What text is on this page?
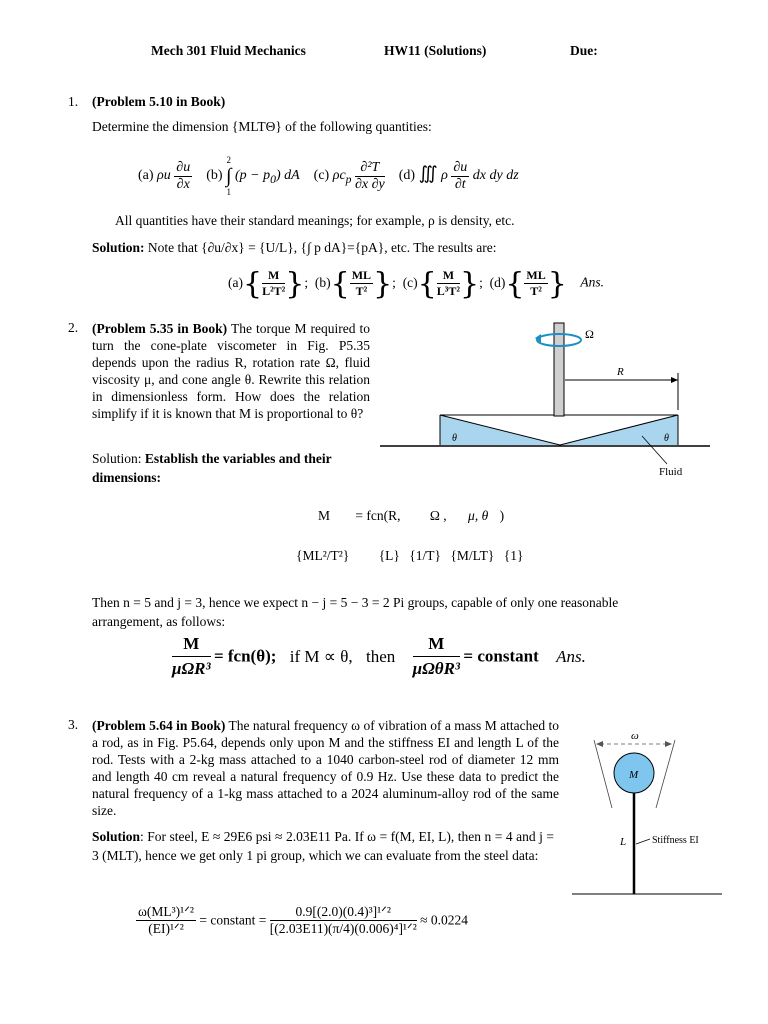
Mech 301 Fluid Mechanics	HW11 (Solutions)	Due:
1. (Problem 5.10 in Book)
Determine the dimension {MLTΘ} of the following quantities:
(a) ρu $\frac{\partial u}{\partial x} (b)$
2
∫
1
$(p - p_0)$ dA (c) $\rho c_p \frac{\text{∂²T}}{\partial x \partial y} (d)$ ∭ ρ $\frac{\partial u}{\partial t}$ dx dy dz
All quantities have their standard meanings; for example, ρ is density, etc.
Solution: Note that {∂u/∂x} = {U/L}, {∫ p dA}={pA}, etc. The results are:
$(a)\{ \frac{M}{\text{L²T²}}$ }; $(b)\{ \frac{ML}{\text{T²}}$ }; $(c)\{ \frac{M}{\text{L³T²}}$ }; $(d)\{ \frac{ML}{\text{T²}}$ } Ans.
2. (Problem 5.35 in Book) The torque M required to turn the cone-plate viscometer in Fig. P5.35 depends upon the radius R, rotation rate Ω, fluid viscosity μ, and cone angle θ. Rewrite this relation in dimensionless form. How does the relation simplify if it is known that M is proportional to θ?
Solution: Establish the variables and their dimensions:
Ω
R
θ	θ
Fluid
M = fcn(R, Ω , μ, θ )
{ML²/T²} {L} {1/T} {M/LT} {1}
Then n = 5 and j = 3, hence we expect n − j = 5 − 3 = 2 Pi groups, capable of only one reasonable arrangement, as follows:
$\frac{M}{\text{μΩR³}} = fcn(\theta)$; if M ∝ θ, then $\frac{M}{\text{μΩθR³}}$ = constant Ans.
3. (Problem 5.64 in Book) The natural frequency ω of vibration of a mass M attached to a rod, as in Fig. P5.64, depends only upon M and the stiffness EI and length L of the rod. Tests with a 2-kg mass attached to a 1040 carbon-steel rod of diameter 12 mm and length 40 cm reveal a natural frequency of 0.9 Hz. Use these data to predict the natural frequency of a 1-kg mass attached to a 2024 aluminum-alloy rod of the same size.
Solution: For steel, E ≈ 29E6 psi ≈ 2.03E11 Pa. If ω = f(M, EI, L), then n = 4 and j = 3 (MLT), hence we get only 1 pi group, which we can evaluate from the steel data:
ω
M
L	Stiffness EI
$\frac{\text{ω(ML³)¹ᐟ²}}{\text{(EI)¹ᐟ²}}$ = constant = $\frac{\text{0.9[(2.0)(0.4)³]¹ᐟ²}}{\text{[(2.03E11)(π/4)(0.006)⁴]¹ᐟ²}} \approx 0.0224$
